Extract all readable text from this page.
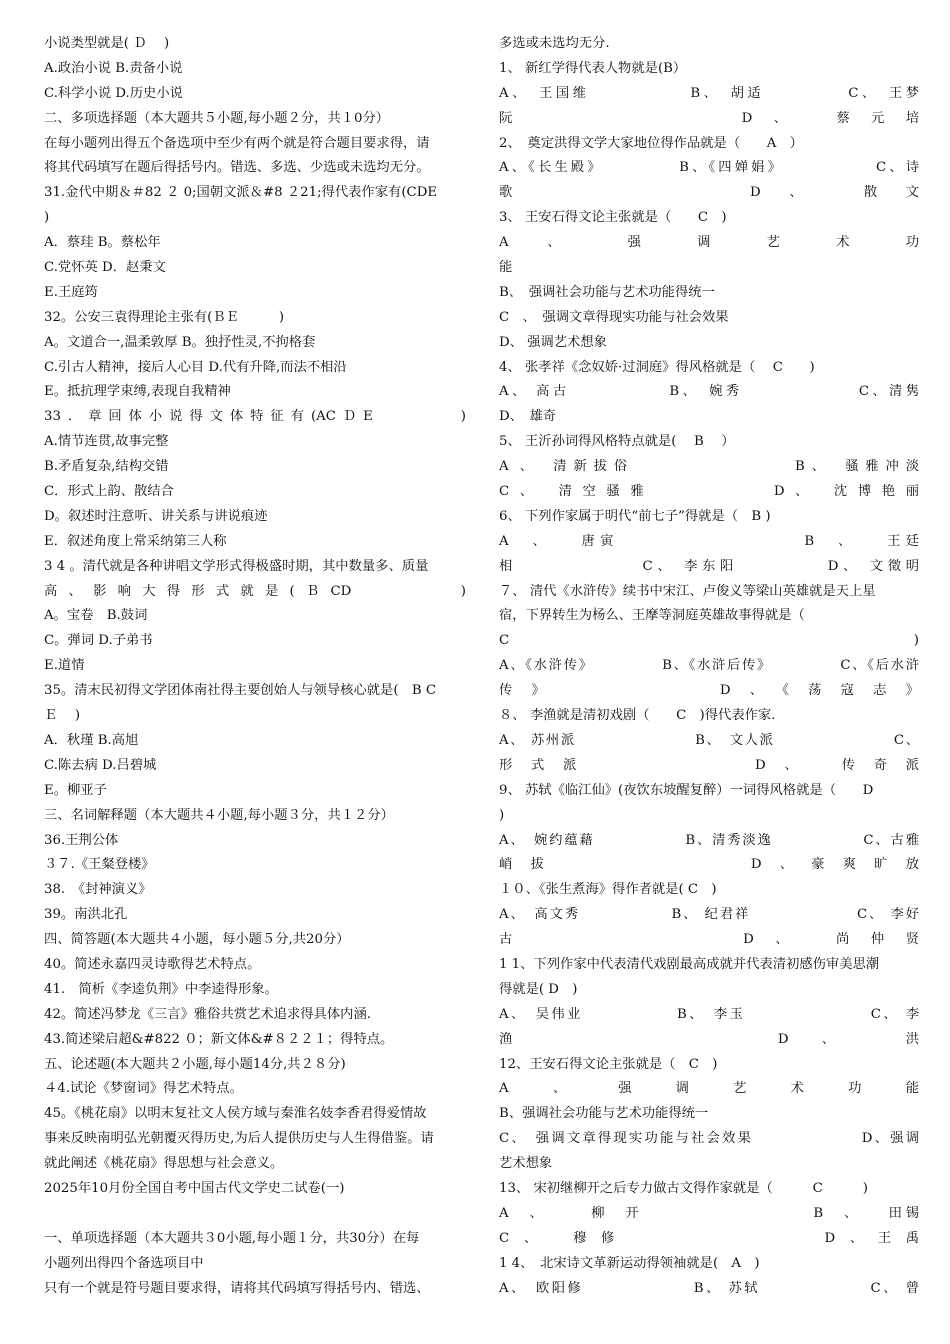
小说类型就是( Ｄ　 )
A.政治小说 B.责备小说
C.科学小说 D.历史小说
二、多项选择题（本大题共５小题,每小题２分，共１0分）
在每小题列出得五个备选项中至少有两个就是符合题目要求得，请
将其代码填写在题后得括号内。错选、多选、少选或未选均无分。
31.金代中期＆＃82 ２ 0;国朝文派＆#8 ２21;得代表作家有(CDE
)
A．蔡珪 B。蔡松年
C.党怀英 D．赵秉文
E.王庭筠
32。公安三袁得理论主张有(ＢＥ　　　)
A。文道合一,温柔敦厚 B。独抒性灵,不拘格套
C.引古人精神，接后人心目 D.代有升降,而法不相沿
E。抵抗理学束缚,表现自我精神
33．章回体小说得文体特征有(ACＤE　　　　)
A.情节连贯,故事完整
B.矛盾复杂,结构交错
C．形式上韵、散结合
D。叙述时注意听、讲关系与讲说痕迹
E．叙述角度上常采纳第三人称
3 4 。清代就是各种讲唱文学形式得极盛时期，其中数量多、质量
高、影响大得形式就是(ＢCD　　　　)
A。宝卷　B.鼓词
C。弹词 D.子弟书
E.道情
35。清末民初得文学团体南社得主要创始人与领导核心就是(　B C
Ｅ　 )
A．秋瑾 B.高旭
C.陈去病 D.吕碧城
E。柳亚子
三、名词解释题（本大题共４小题,每小题３分，共１２分）
36.王荆公体
３７.《王粲登楼》
38.　《封神演义》
39。南洪北孔
四、简答题(本大题共４小题，每小题５分,共20分）
40。简述永嘉四灵诗歌得艺术特点。
41.　简析《李逵负荆》中李逵得形象。
42。简述冯梦龙《三言》雅俗共赏艺术追求得具体内涵.
43.简述梁启超&#822 ０；新文体&#８２２１；得特点。
五、论述题(本大题共２小题,每小题14分,共２８分)
４4.试论《梦窗词》得艺术特点。
45。《桃花扇》以明末复社文人侯方域与秦淮名妓李香君得爱情故
事来反映南明弘光朝覆灭得历史,为后人提供历史与人生得借鉴。请
就此阐述《桃花扇》得思想与社会意义。
2025年10月份全国自考中国古代文学史二试卷(一)
一、单项选择题（本大题共３0小题,每小题１分，共30分）在每
小题列出得四个备选项目中
只有一个就是符号题目要求得，请将其代码填写得括号内、错选、
多选或未选均无分.
1、 新红学得代表人物就是(B）
A、　王国维　　　　　　B、　胡适　　　　　C、　王梦
阮　　　　　　D、　蔡元培
2、　奠定洪得文学大家地位得作品就是（　　A　）
A、《长生殿》　　　　　B、《四婵娟》　　　　　　C、诗
歌　　　　　D、 散文
3、 王安石得文论主张就是（　　C　)
A　　、　　　　强　　　调　　　艺　　　术　　　功
能
B、　强调社会功能与艺术功能得统一
C　、　强调文章得现实功能与社会效果
D、 强调艺术想象
4、 张孝祥《念奴娇·过洞庭》得风格就是（　 C　　)
A、 高古　　　　　　B、　婉秀　　　　　　　C、清隽
D、　雄奇
5、 王沂孙词得风格特点就是(　 B　 ）
A 、　清新拔俗　　　　　　　　B、　骚雅冲淡
C、 清空骚雅　　　　　D、 沈博艳丽
6、 下列作家属于明代“前七子”得就是（　B )
A　、　　唐寅　　　　　　　　　　B　、　　王廷
相　　　　　　　C、 李东阳　　　　　D、 文徵明
７、 清代《水浒传》续书中宋江、卢俊义等梁山英雄就是天上星
宿，下界转生为杨么、王摩等洞庭英雄故事得就是（
C　　　)
A、《水浒传》　　　　　B、《水浒后传》　　　　　C、《后水浒
传》　　　　　D、《荡寇志》
８、 李渔就是清初戏剧（　　C　)得代表作家.
A、 苏州派　　　　　　　　B、　文人派　　　　　　　　C、
形式派　　　　　D、　传奇派
9、 苏轼《临江仙》(夜饮东坡醒复醉）一词得风格就是（　　D
)
A、　婉约蕴藉　　　　　　B、清秀淡逸　　　　　　C、古雅
峭拔　　　　　　D、豪爽旷放
１０、《张生煮海》得作者就是( C　)
A、　高文秀　　　　　　B、 纪君祥　　　　　　　C、 李好
古　　　　　　D、 尚仲贤
1 1、下列作家中代表清代戏剧最高成就并代表清初感伤审美思潮
得就是( D　)
A、　吴伟业　　　　　　B、　李玉　　　　　　　　C、 李
渔　　　　　D、 洪
12、王安石得文论主张就是（　C　)
A　　　、　　　　强　　　调　　　艺　　　术　　　功　　　能
B、强调社会功能与艺术功能得统一
C、　强调文章得现实功能与社会效果　　　　　　　D、强调
艺术想象
13、 宋初继柳开之后专力做古文得作家就是（　　　C　　　)
A　、　　　柳　开　　　　　　　　　　B　、　　田锡
C、　穆修　　　　　　　D、王禹
1 4、　北宋诗文革新运动得领袖就是(　A　)
A、　欧阳修　　　　　　　B、 苏轼　　　　　　　C、 曾
